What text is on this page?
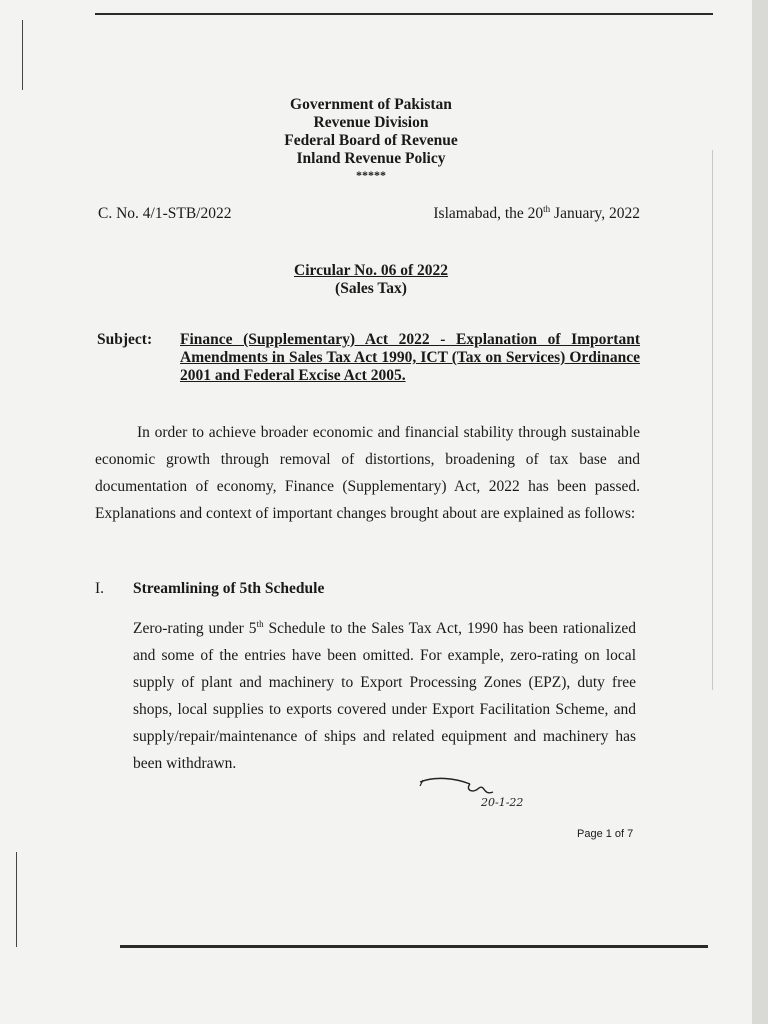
Government of Pakistan
Revenue Division
Federal Board of Revenue
Inland Revenue Policy
*****
C. No. 4/1-STB/2022	Islamabad, the 20th January, 2022
Circular No. 06 of 2022
(Sales Tax)
Subject: Finance (Supplementary) Act 2022 - Explanation of Important Amendments in Sales Tax Act 1990, ICT (Tax on Services) Ordinance 2001 and Federal Excise Act 2005.
In order to achieve broader economic and financial stability through sustainable economic growth through removal of distortions, broadening of tax base and documentation of economy, Finance (Supplementary) Act, 2022 has been passed. Explanations and context of important changes brought about are explained as follows:
I. Streamlining of 5th Schedule
Zero-rating under 5th Schedule to the Sales Tax Act, 1990 has been rationalized and some of the entries have been omitted. For example, zero-rating on local supply of plant and machinery to Export Processing Zones (EPZ), duty free shops, local supplies to exports covered under Export Facilitation Scheme, and supply/repair/maintenance of ships and related equipment and machinery has been withdrawn.
20-1-22
Page 1 of 7
